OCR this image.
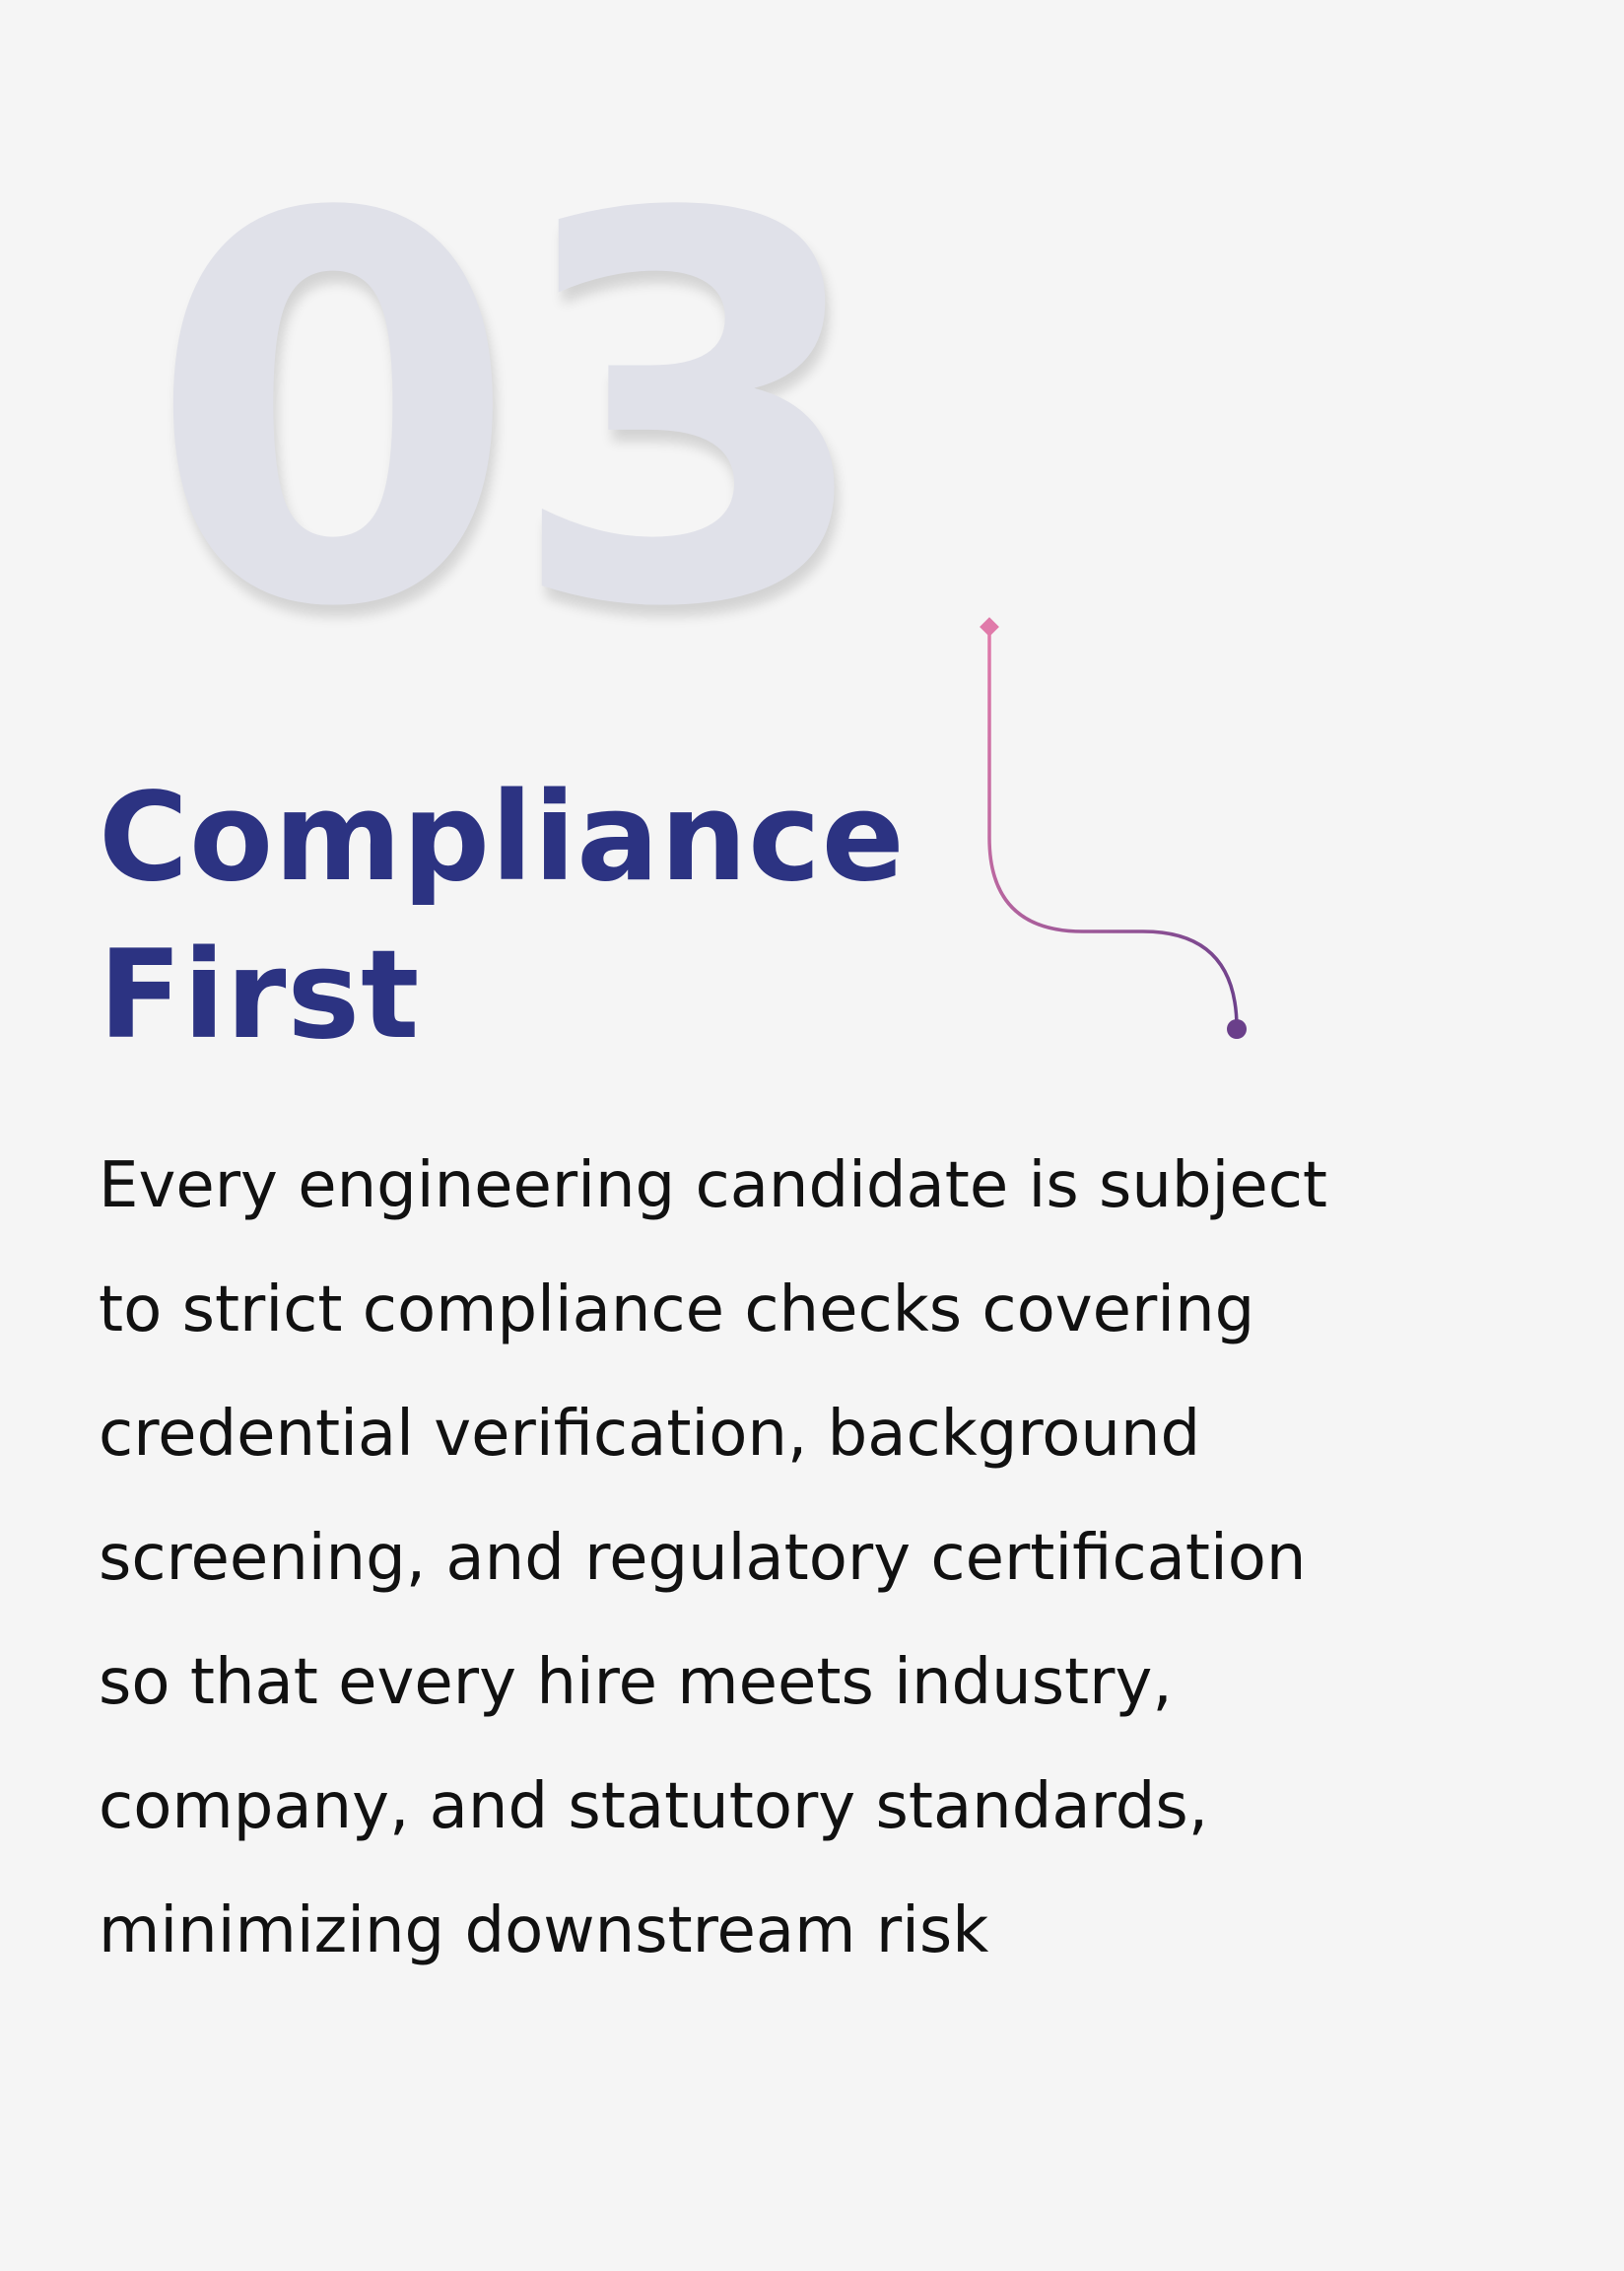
03
Compliance
First

Every engineering candidate is subject
to strict compliance checks covering
credential verification, background
screening, and regulatory certification
so that every hire meets industry,
company, and statutory standards,
minimizing downstream risk
